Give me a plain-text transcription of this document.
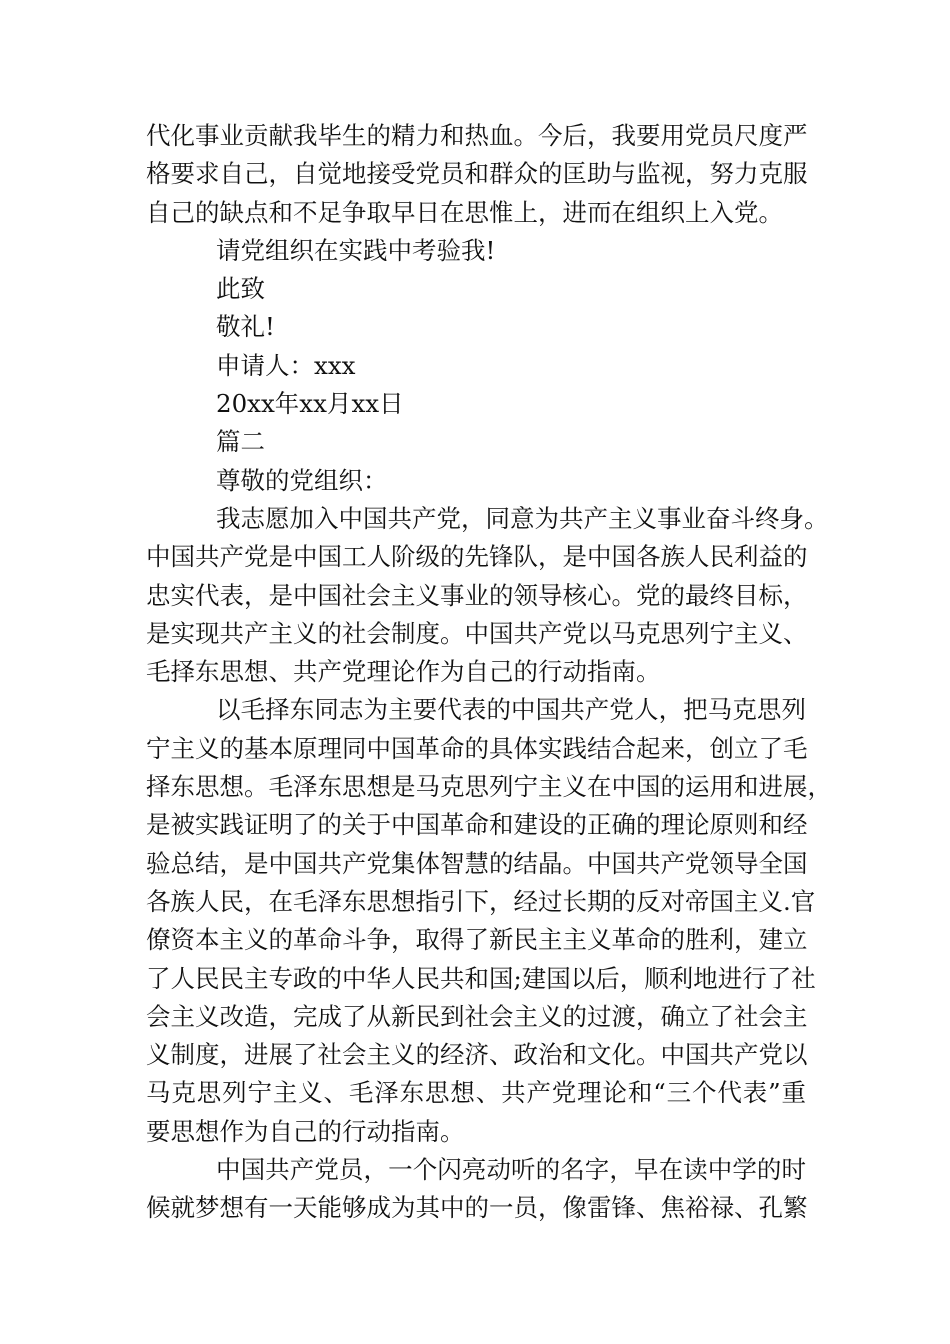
代化事业贡献我毕生的精力和热血。今后，我要用党员尺度严
格要求自己，自觉地接受党员和群众的匡助与监视，努力克服
自己的缺点和不足争取早日在思惟上，进而在组织上入党。
请党组织在实践中考验我!
此致
敬礼!
申请人：xxx
20xx年xx月xx日
篇二
尊敬的党组织：
我志愿加入中国共产党，同意为共产主义事业奋斗终身。
中国共产党是中国工人阶级的先锋队，是中国各族人民利益的
忠实代表，是中国社会主义事业的领导核心。党的最终目标，
是实现共产主义的社会制度。中国共产党以马克思列宁主义、
毛择东思想、共产党理论作为自己的行动指南。
以毛择东同志为主要代表的中国共产党人，把马克思列
宁主义的基本原理同中国革命的具体实践结合起来，创立了毛
择东思想。毛泽东思想是马克思列宁主义在中国的运用和进展，
是被实践证明了的关于中国革命和建设的正确的理论原则和经
验总结，是中国共产党集体智慧的结晶。中国共产党领导全国
各族人民，在毛泽东思想指引下，经过长期的反对帝国主义.官
僚资本主义的革命斗争，取得了新民主主义革命的胜利，建立
了人民民主专政的中华人民共和国;建国以后，顺利地进行了社
会主义改造，完成了从新民到社会主义的过渡，确立了社会主
义制度，进展了社会主义的经济、政治和文化。中国共产党以
马克思列宁主义、毛泽东思想、共产党理论和“三个代表”重
要思想作为自己的行动指南。
中国共产党员，一个闪亮动听的名字，早在读中学的时
候就梦想有一天能够成为其中的一员，像雷锋、焦裕禄、孔繁
